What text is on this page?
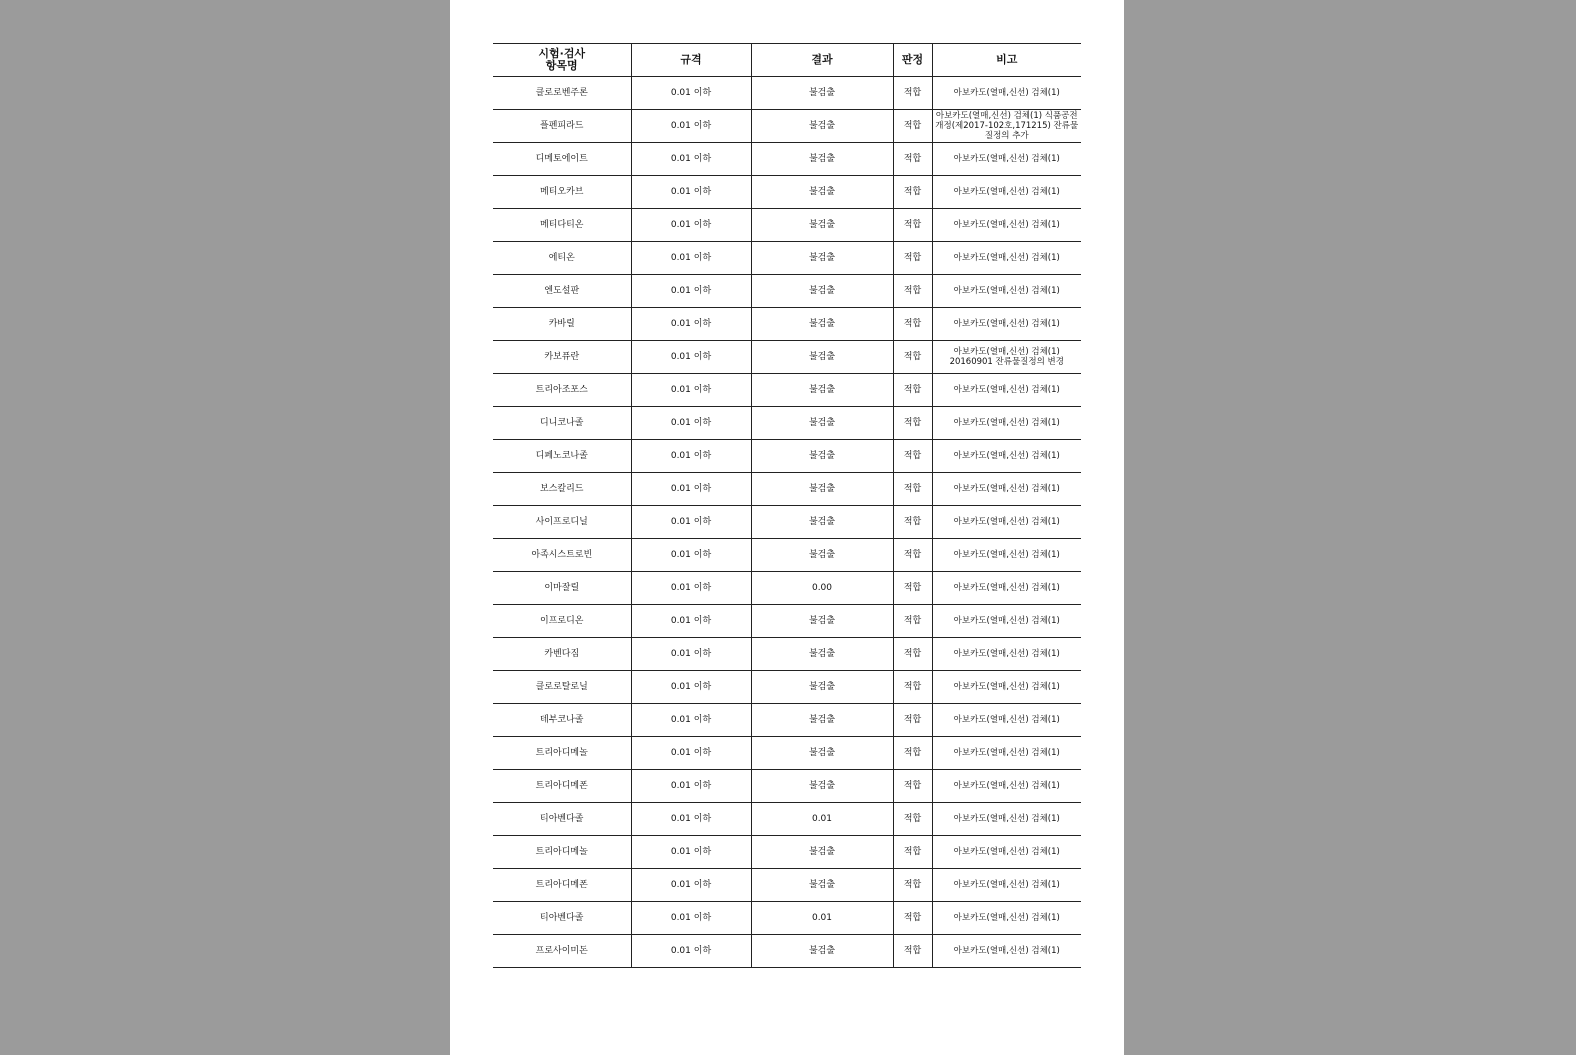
시험·검사
항목명	규격	결과	판정	비고
클로로벤주론	0.01 이하	불검출	적합	아보카도(열매,신선) 검체(1)
플펜피라드	0.01 이하	불검출	적합	아보카도(열매,신선) 검체(1) 식품공전 개정(제2017-102호,171215) 잔류물질정의 추가
디메토에이트	0.01 이하	불검출	적합	아보카도(열매,신선) 검체(1)
메티오카브	0.01 이하	불검출	적합	아보카도(열매,신선) 검체(1)
메티다티온	0.01 이하	불검출	적합	아보카도(열매,신선) 검체(1)
에티온	0.01 이하	불검출	적합	아보카도(열매,신선) 검체(1)
엔도설판	0.01 이하	불검출	적합	아보카도(열매,신선) 검체(1)
카바릴	0.01 이하	불검출	적합	아보카도(열매,신선) 검체(1)
카보퓨란	0.01 이하	불검출	적합	아보카도(열매,신선) 검체(1) 20160901 잔류물질정의 변경
트리아조포스	0.01 이하	불검출	적합	아보카도(열매,신선) 검체(1)
디니코나졸	0.01 이하	불검출	적합	아보카도(열매,신선) 검체(1)
디페노코나졸	0.01 이하	불검출	적합	아보카도(열매,신선) 검체(1)
보스칼리드	0.01 이하	불검출	적합	아보카도(열매,신선) 검체(1)
사이프로디닐	0.01 이하	불검출	적합	아보카도(열매,신선) 검체(1)
아족시스트로빈	0.01 이하	불검출	적합	아보카도(열매,신선) 검체(1)
이마잘릴	0.01 이하	0.00	적합	아보카도(열매,신선) 검체(1)
이프로디온	0.01 이하	불검출	적합	아보카도(열매,신선) 검체(1)
카벤다짐	0.01 이하	불검출	적합	아보카도(열매,신선) 검체(1)
클로로탈로닐	0.01 이하	불검출	적합	아보카도(열매,신선) 검체(1)
테부코나졸	0.01 이하	불검출	적합	아보카도(열매,신선) 검체(1)
트리아디메놀	0.01 이하	불검출	적합	아보카도(열매,신선) 검체(1)
트리아디메폰	0.01 이하	불검출	적합	아보카도(열매,신선) 검체(1)
티아벤다졸	0.01 이하	0.01	적합	아보카도(열매,신선) 검체(1)
트리아디메놀	0.01 이하	불검출	적합	아보카도(열매,신선) 검체(1)
트리아디메폰	0.01 이하	불검출	적합	아보카도(열매,신선) 검체(1)
티아벤다졸	0.01 이하	0.01	적합	아보카도(열매,신선) 검체(1)
프로사이미돈	0.01 이하	불검출	적합	아보카도(열매,신선) 검체(1)
